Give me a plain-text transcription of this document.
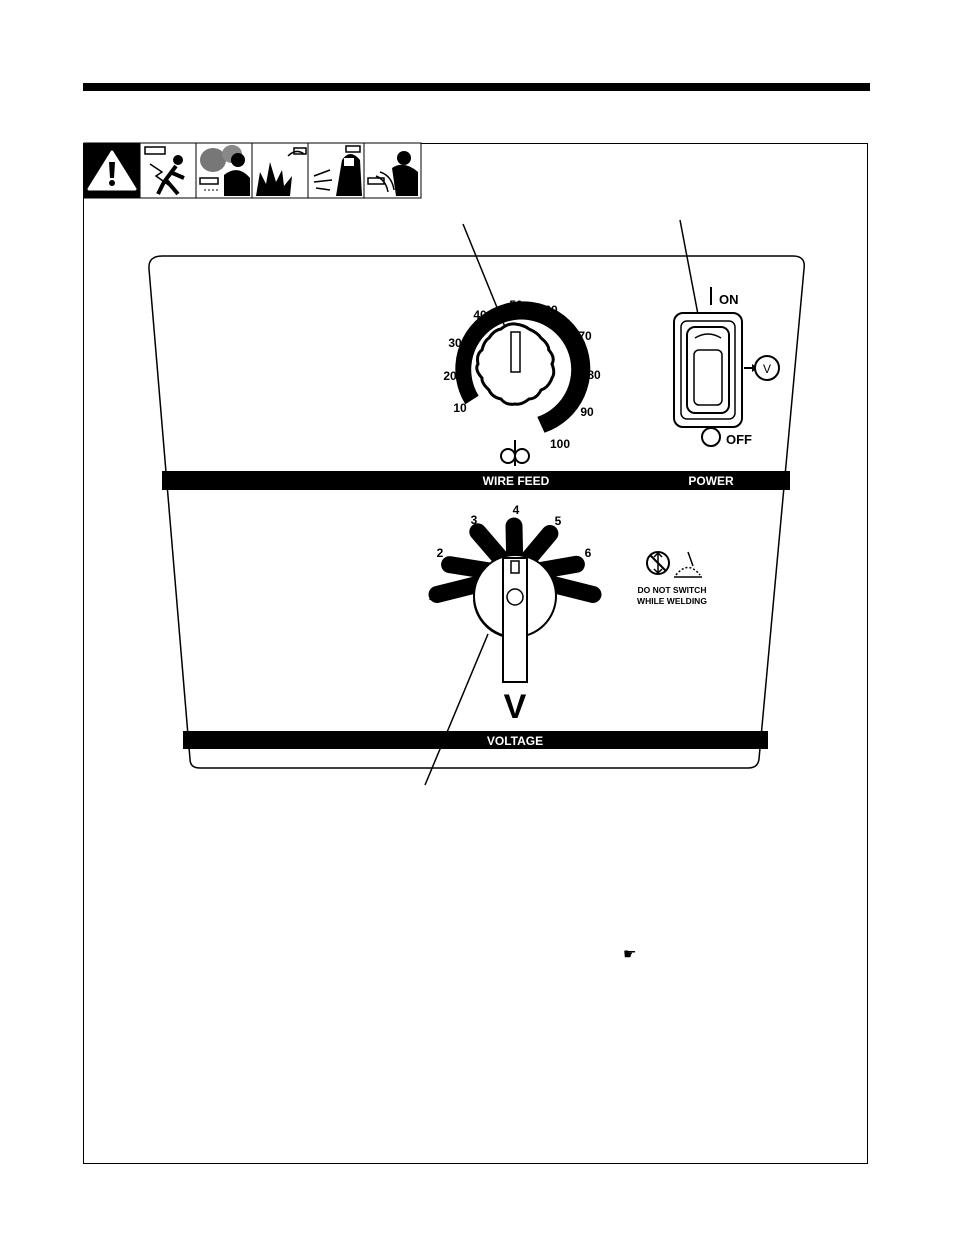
10
20
30
40
50 60
70
80
90
100
ON
V
OFF
WIRE FEED	POWER
1
2
3
4
5
6
7
V
DO NOT SWITCH
WHILE WELDING
VOLTAGE
☛
